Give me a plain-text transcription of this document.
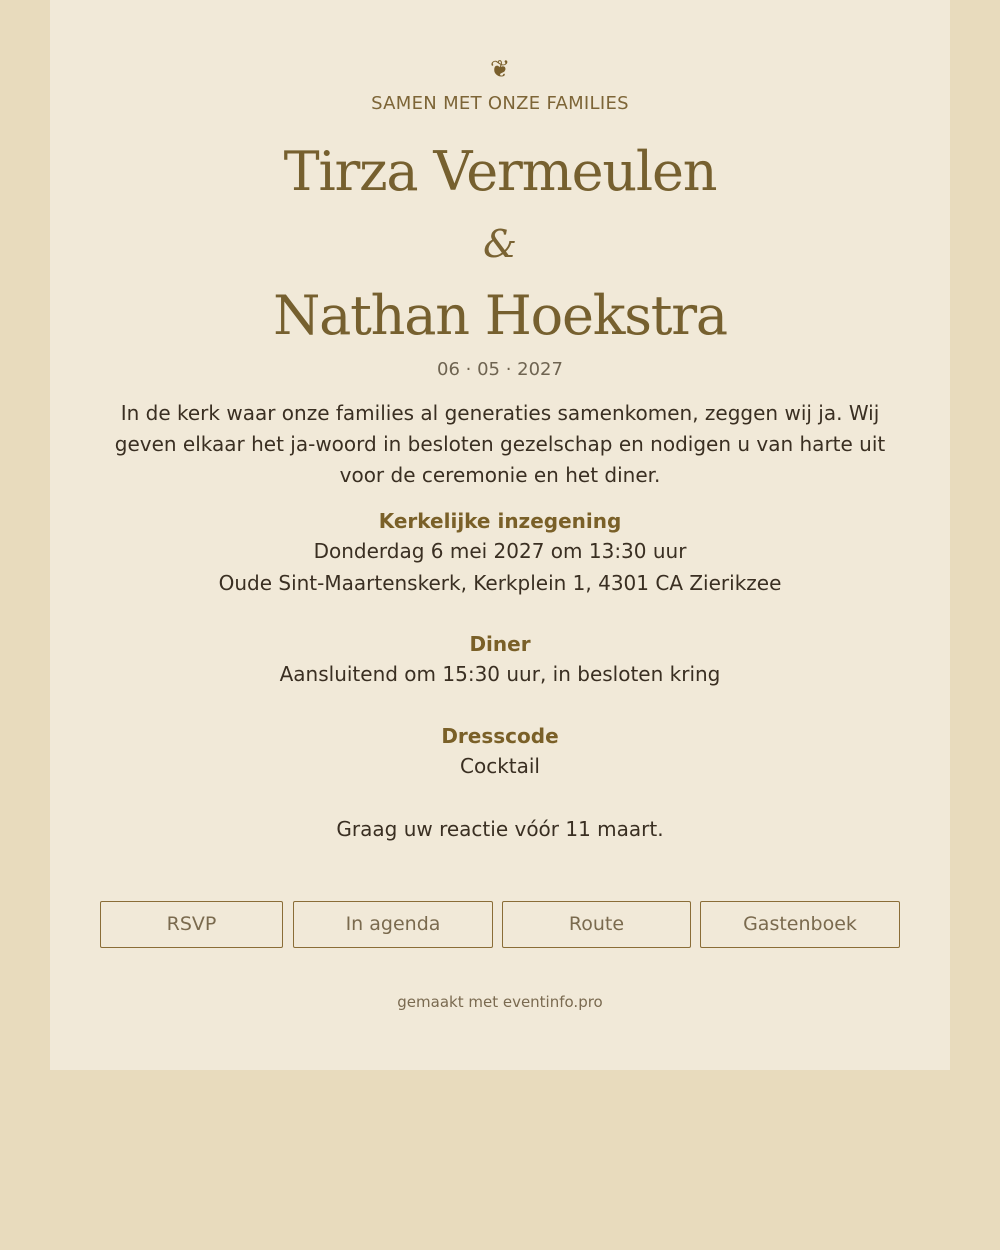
❦
SAMEN MET ONZE FAMILIES
Tirza Vermeulen
&
Nathan Hoekstra
06 · 05 · 2027
In de kerk waar onze families al generaties samenkomen, zeggen wij ja. Wij geven elkaar het ja-woord in besloten gezelschap en nodigen u van harte uit voor de ceremonie en het diner.
Kerkelijke inzegening

Donderdag 6 mei 2027 om 13:30 uur

Oude Sint-Maartenskerk, Kerkplein 1, 4301 CA Zierikzee

Diner

Aansluitend om 15:30 uur, in besloten kring

Dresscode

Cocktail

Graag uw reactie vóór 11 maart.
RSVP	In agenda	Route	Gastenboek
gemaakt met eventinfo.pro
